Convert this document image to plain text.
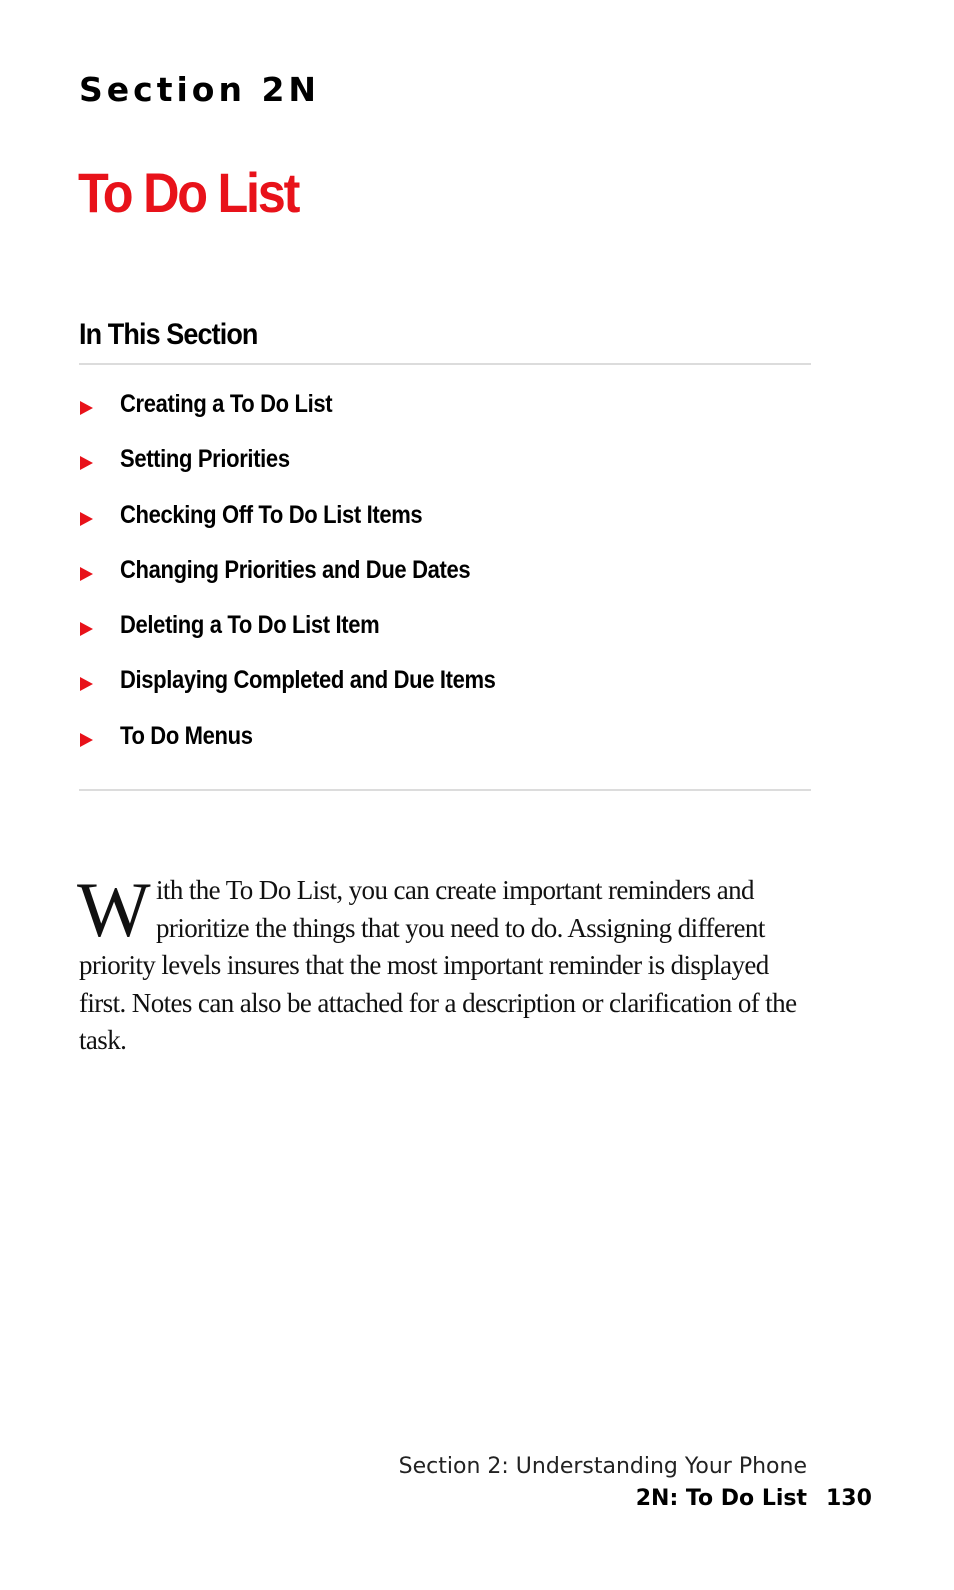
Section 2N
To Do List
In This Section
Creating a To Do List
Setting Priorities
Checking Off To Do List Items
Changing Priorities and Due Dates
Deleting a To Do List Item
Displaying Completed and Due Items
To Do Menus
With the To Do List, you can create important reminders and prioritize the things that you need to do. Assigning different priority levels insures that the most important reminder is displayed first. Notes can also be attached for a description or clarification of the task.
Section 2: Understanding Your Phone
2N: To Do List 130
